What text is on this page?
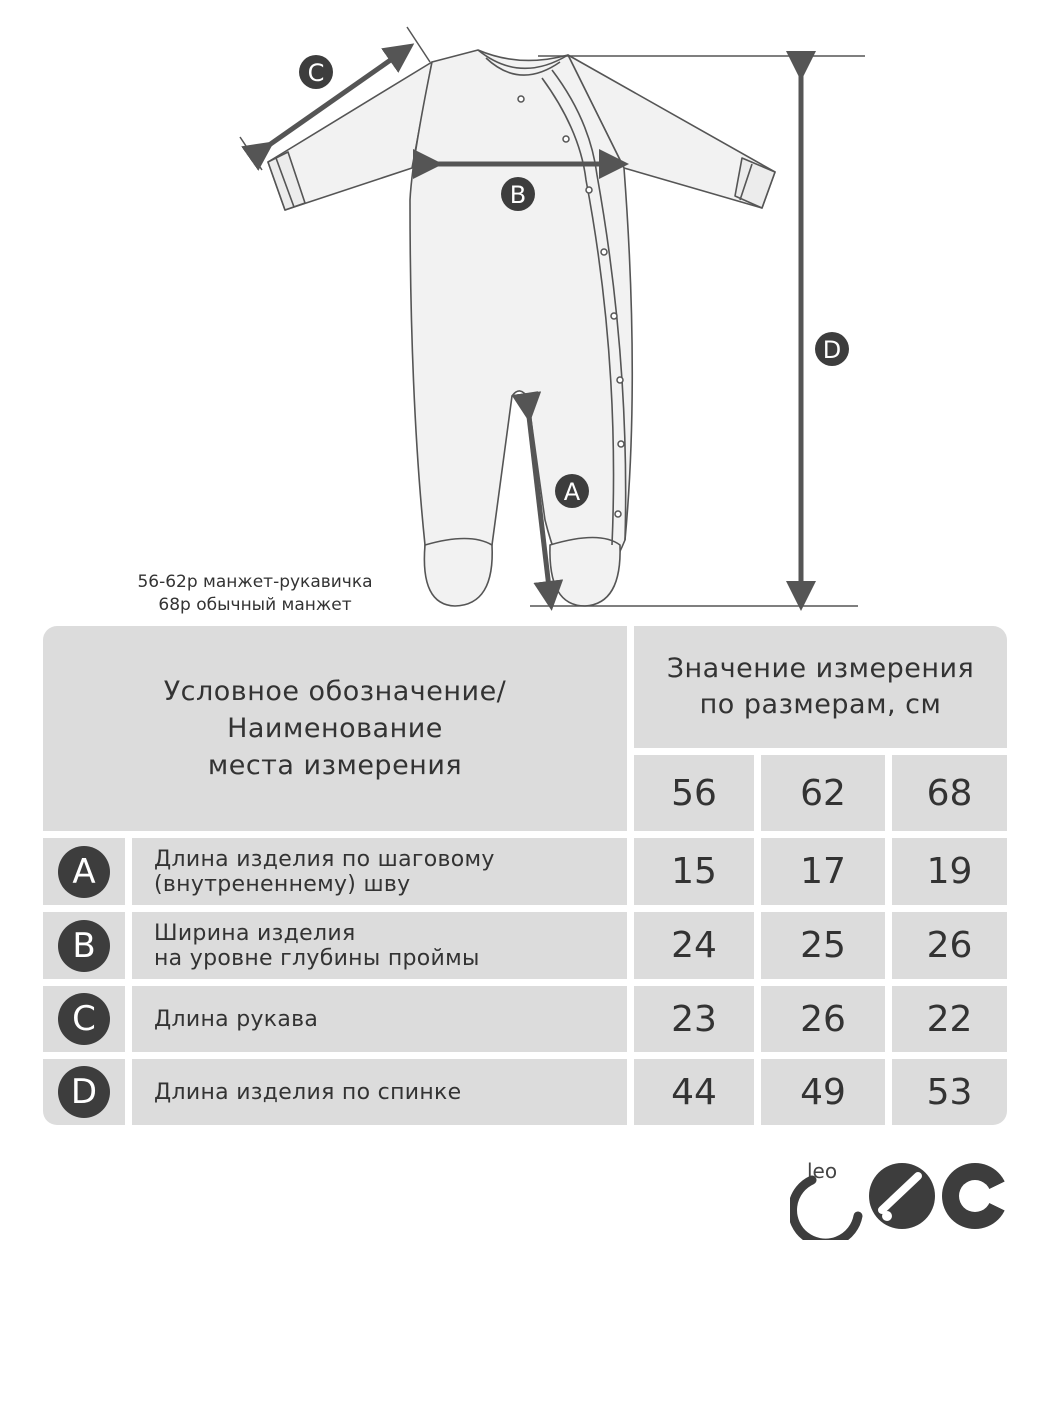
C
B
D
A
56-62р манжет-рукавичка
68р обычный манжет
Условное обозначение/
Наименование
места измерения
Значение измерения
по размерам, см
56 62 68
A	Длина изделия по шаговому
(внутрененнему) шву	15 17 19
B	Ширина изделия
на уровне глубины проймы	24 25 26
C	Длина рукава	23 26 22
D	Длина изделия по спинке	44 49 53
leo
